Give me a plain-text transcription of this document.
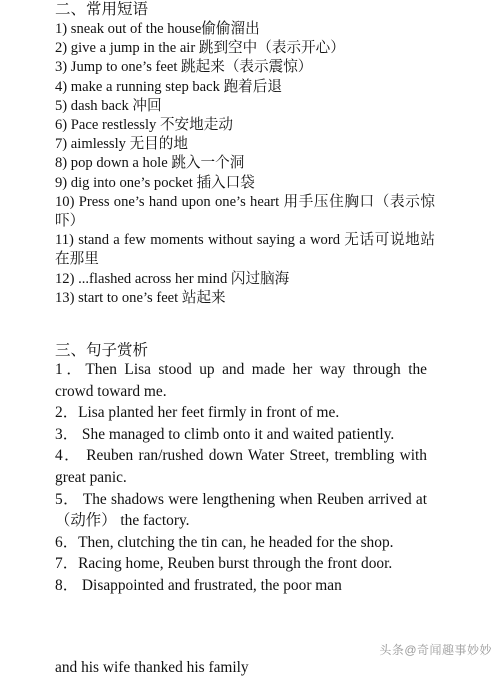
二、常用短语
1) sneak out of the house偷偷溜出
2) give a jump in the air 跳到空中（表示开心）
3) Jump to one’s feet 跳起来（表示震惊）
4) make a running step back 跑着后退
5) dash back 冲回
6) Pace restlessly 不安地走动
7) aimlessly 无目的地
8) pop down a hole 跳入一个洞
9) dig into one’s pocket 插入口袋
10) Press one’s hand upon one’s heart 用手压住胸口（表示惊吓）
11) stand a few moments without saying a word 无话可说地站在那里
12) ...flashed across her mind 闪过脑海
13) start to one’s feet 站起来
三、句子赏析
1．Then Lisa stood up and made her way through the crowd toward me.
2．Lisa planted her feet firmly in front of me.
3． She managed to climb onto it and waited patiently.
4． Reuben ran/rushed down Water Street, trembling with great panic.
5． The shadows were lengthening when Reuben arrived at（动作） the factory.
6．Then, clutching the tin can, he headed for the shop.
7．Racing home, Reuben burst through the front door.
8． Disappointed and frustrated, the poor man
and his wife thanked his family
头条@奇闻趣事妙妙
